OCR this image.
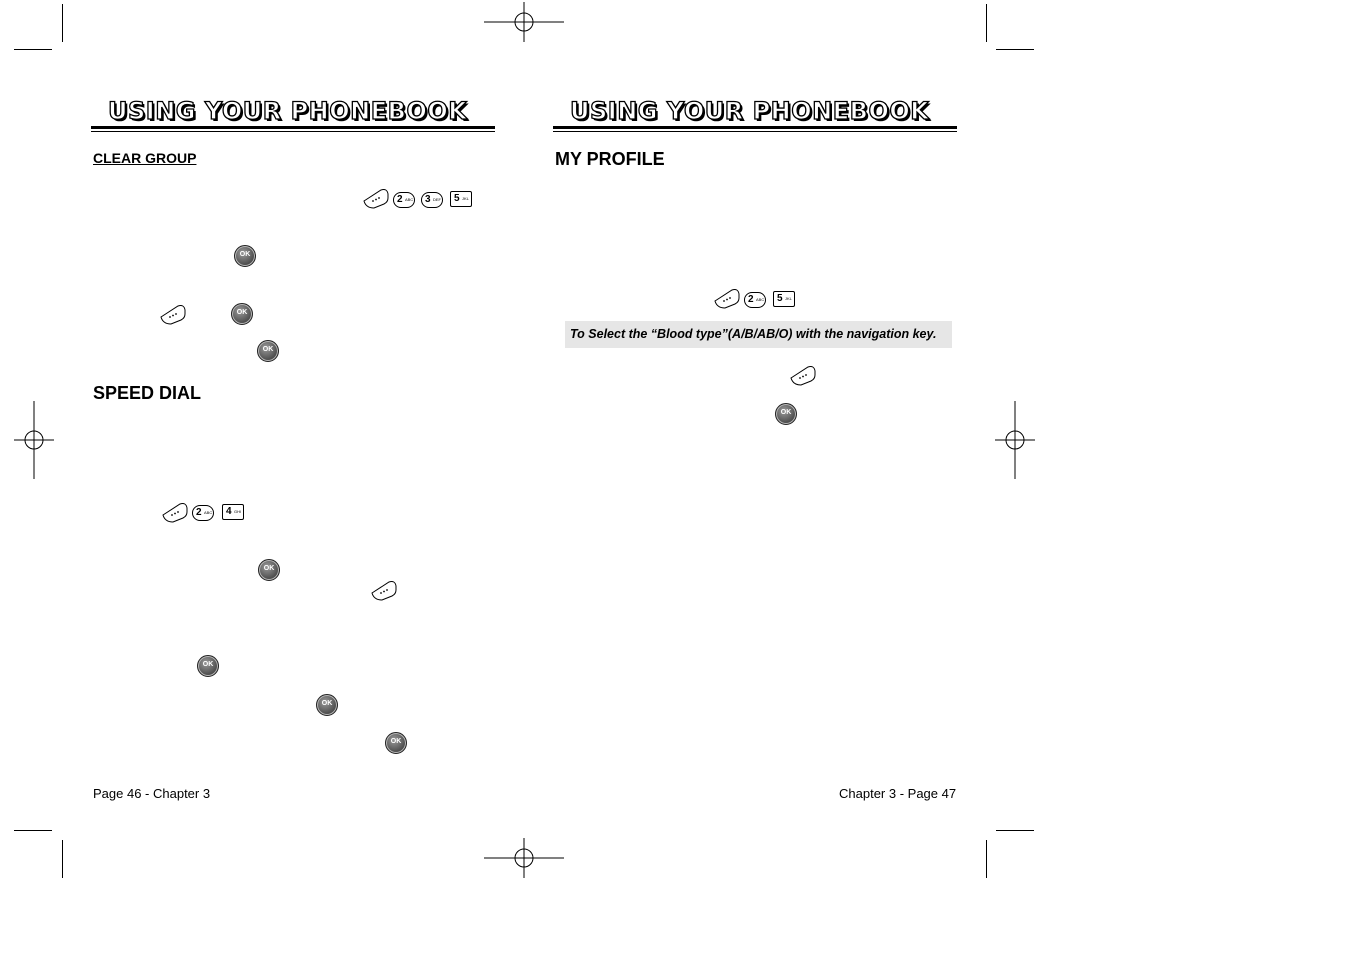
USING YOUR PHONEBOOK
CLEAR GROUP
2 ABC 3 DEF 5 JKL
OK
OK
OK
SPEED DIAL
2 ABC 4 GHI
OK
OK
OK
OK
Page 46 - Chapter 3
USING YOUR PHONEBOOK
MY PROFILE
2 ABC 5 JKL
To Select the “Blood type”(A/B/AB/O) with the navigation key.
OK
Chapter 3 - Page 47
